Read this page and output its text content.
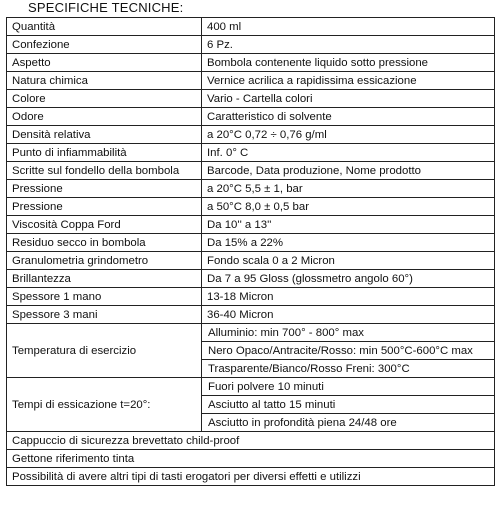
SPECIFICHE TECNICHE:
Quantità	400 ml
Confezione	6 Pz.
Aspetto	Bombola contenente liquido sotto pressione
Natura chimica	Vernice acrilica a rapidissima essicazione
Colore	Vario - Cartella colori
Odore	Caratteristico di solvente
Densità relativa	a 20°C 0,72 ÷ 0,76 g/ml
Punto di infiammabilità	Inf. 0° C
Scritte sul fondello della bombola	Barcode, Data produzione, Nome prodotto
Pressione	a 20°C 5,5 ± 1, bar
Pressione	a 50°C 8,0 ± 0,5 bar
Viscosità Coppa Ford	Da 10'' a 13''
Residuo secco in bombola	Da 15% a 22%
Granulometria grindometro	Fondo scala 0 a 2 Micron
Brillantezza	Da 7 a 95 Gloss (glossmetro angolo 60°)
Spessore 1 mano	13-18 Micron
Spessore 3 mani	36-40 Micron
Temperatura di esercizio	Alluminio: min 700° - 800° max
	Nero Opaco/Antracite/Rosso: min 500°C-600°C max
	Trasparente/Bianco/Rosso Freni: 300°C
Tempi di essicazione t=20°:	Fuori polvere 10 minuti
	Asciutto al tatto 15 minuti
	Asciutto in profondità piena 24/48 ore
Cappuccio di sicurezza brevettato child-proof	
Gettone riferimento tinta	
Possibilità di avere altri tipi di tasti erogatori per diversi effetti e utilizzi	
